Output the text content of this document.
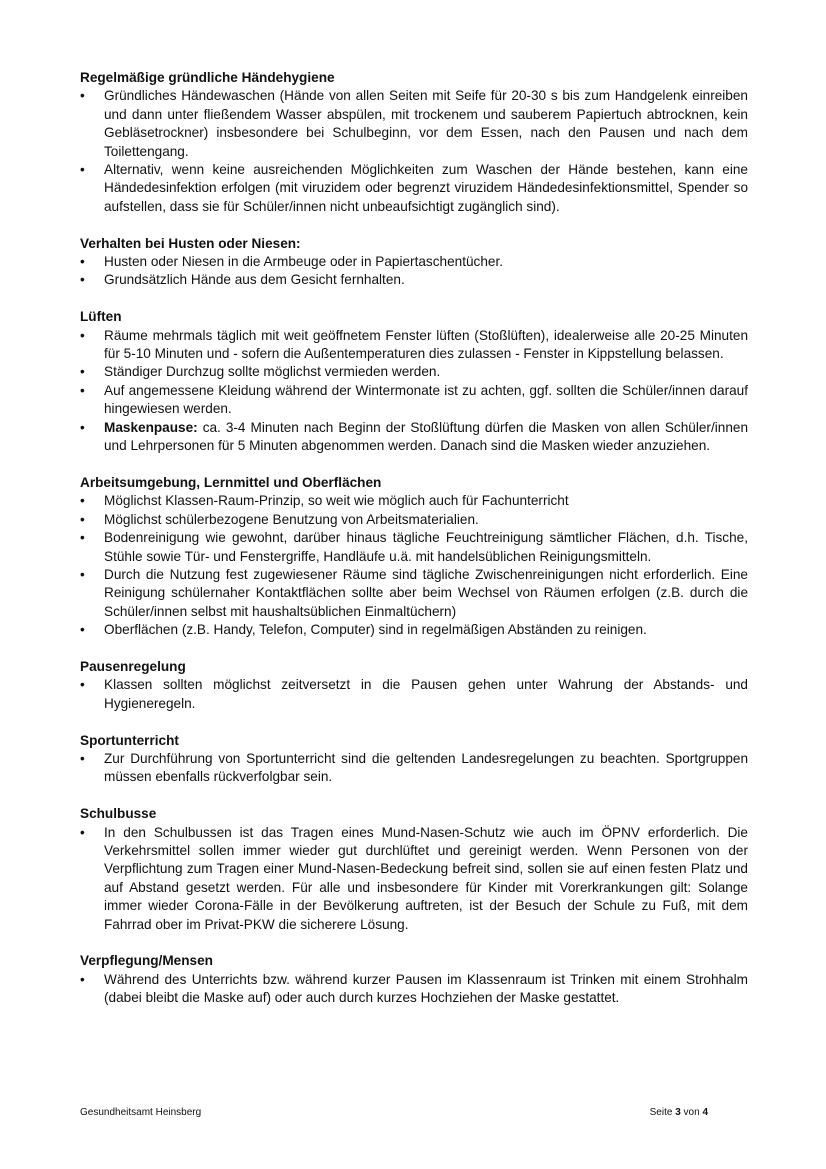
Regelmäßige gründliche Händehygiene
• Gründliches Händewaschen (Hände von allen Seiten mit Seife für 20-30 s bis zum Handgelenk einreiben und dann unter fließendem Wasser abspülen, mit trockenem und sauberem Papiertuch abtrocknen, kein Gebläsetrockner) insbesondere bei Schulbeginn, vor dem Essen, nach den Pausen und nach dem Toilettengang.
• Alternativ, wenn keine ausreichenden Möglichkeiten zum Waschen der Hände bestehen, kann eine Händedesinfektion erfolgen (mit viruzidem oder begrenzt viruzidem Händedesinfektionsmittel, Spender so aufstellen, dass sie für Schüler/innen nicht unbeaufsichtigt zugänglich sind).
Verhalten bei Husten oder Niesen:
• Husten oder Niesen in die Armbeuge oder in Papiertaschentücher.
• Grundsätzlich Hände aus dem Gesicht fernhalten.
Lüften
• Räume mehrmals täglich mit weit geöffnetem Fenster lüften (Stoßlüften), idealerweise alle 20-25 Minuten für 5-10 Minuten und - sofern die Außentemperaturen dies zulassen - Fenster in Kippstellung belassen.
• Ständiger Durchzug sollte möglichst vermieden werden.
• Auf angemessene Kleidung während der Wintermonate ist zu achten, ggf. sollten die Schüler/innen darauf hingewiesen werden.
• Maskenpause: ca. 3-4 Minuten nach Beginn der Stoßlüftung dürfen die Masken von allen Schüler/innen und Lehrpersonen für 5 Minuten abgenommen werden. Danach sind die Masken wieder anzuziehen.
Arbeitsumgebung, Lernmittel und Oberflächen
• Möglichst Klassen-Raum-Prinzip, so weit wie möglich auch für Fachunterricht
• Möglichst schülerbezogene Benutzung von Arbeitsmaterialien.
• Bodenreinigung wie gewohnt, darüber hinaus tägliche Feuchtreinigung sämtlicher Flächen, d.h. Tische, Stühle sowie Tür- und Fenstergriffe, Handläufe u.ä. mit handelsüblichen Reinigungsmitteln.
• Durch die Nutzung fest zugewiesener Räume sind tägliche Zwischenreinigungen nicht erforderlich. Eine Reinigung schülernaher Kontaktflächen sollte aber beim Wechsel von Räumen erfolgen (z.B. durch die Schüler/innen selbst mit haushaltsüblichen Einmaltüchern)
• Oberflächen (z.B. Handy, Telefon, Computer) sind in regelmäßigen Abständen zu reinigen.
Pausenregelung
• Klassen sollten möglichst zeitversetzt in die Pausen gehen unter Wahrung der Abstands- und Hygieneregeln.
Sportunterricht
• Zur Durchführung von Sportunterricht sind die geltenden Landesregelungen zu beachten. Sportgruppen müssen ebenfalls rückverfolgbar sein.
Schulbusse
• In den Schulbussen ist das Tragen eines Mund-Nasen-Schutz wie auch im ÖPNV erforderlich. Die Verkehrsmittel sollen immer wieder gut durchlüftet und gereinigt werden. Wenn Personen von der Verpflichtung zum Tragen einer Mund-Nasen-Bedeckung befreit sind, sollen sie auf einen festen Platz und auf Abstand gesetzt werden. Für alle und insbesondere für Kinder mit Vorerkrankungen gilt: Solange immer wieder Corona-Fälle in der Bevölkerung auftreten, ist der Besuch der Schule zu Fuß, mit dem Fahrrad ober im Privat-PKW die sicherere Lösung.
Verpflegung/Mensen
• Während des Unterrichts bzw. während kurzer Pausen im Klassenraum ist Trinken mit einem Strohhalm (dabei bleibt die Maske auf) oder auch durch kurzes Hochziehen der Maske gestattet.
Gesundheitsamt Heinsberg	Seite 3 von 4
